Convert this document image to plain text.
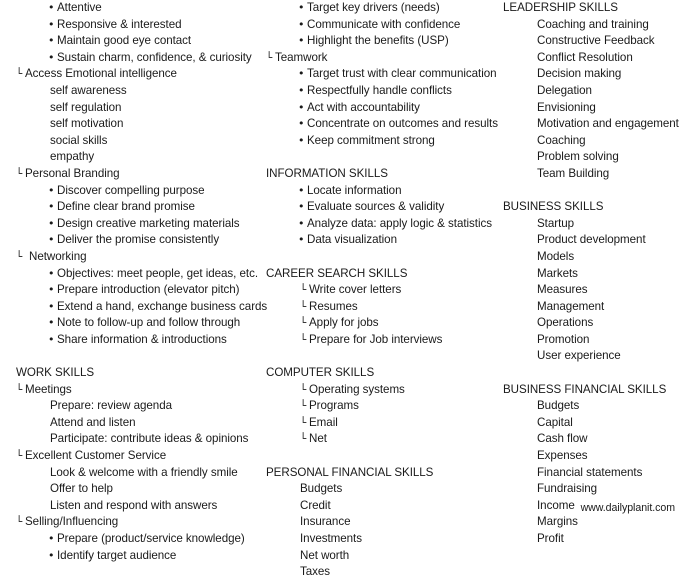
• Attentive
• Responsive & interested
• Maintain good eye contact
• Sustain charm, confidence, & curiosity
└ Access Emotional intelligence
self awareness
self regulation
self motivation
social skills
empathy
└ Personal Branding
• Discover compelling purpose
• Define clear brand promise
• Design creative marketing materials
• Deliver the promise consistently
└ Networking
• Objectives: meet people, get ideas, etc.
• Prepare introduction (elevator pitch)
• Extend a hand, exchange business cards
• Note to follow-up and follow through
• Share information & introductions
WORK SKILLS
└ Meetings
Prepare: review agenda
Attend and listen
Participate: contribute ideas & opinions
└ Excellent Customer Service
Look & welcome with a friendly smile
Offer to help
Listen and respond with answers
└ Selling/Influencing
• Prepare (product/service knowledge)
• Identify target audience
• Target key drivers (needs)
• Communicate with confidence
• Highlight the benefits (USP)
└ Teamwork
• Target trust with clear communication
• Respectfully handle conflicts
• Act with accountability
• Concentrate on outcomes and results
• Keep commitment strong
INFORMATION SKILLS
• Locate information
• Evaluate sources & validity
• Analyze data: apply logic & statistics
• Data visualization
CAREER SEARCH SKILLS
└ Write cover letters
└ Resumes
└ Apply for jobs
└ Prepare for Job interviews
COMPUTER SKILLS
└ Operating systems
└ Programs
└ Email
└ Net
PERSONAL FINANCIAL SKILLS
Budgets
Credit
Insurance
Investments
Net worth
Taxes
LEADERSHIP SKILLS
Coaching and training
Constructive Feedback
Conflict Resolution
Decision making
Delegation
Envisioning
Motivation and engagement
Coaching
Problem solving
Team Building
BUSINESS SKILLS
Startup
Product development
Models
Markets
Measures
Management
Operations
Promotion
User experience
BUSINESS FINANCIAL SKILLS
Budgets
Capital
Cash flow
Expenses
Financial statements
Fundraising
Income
Margins
Profit
www.dailyplanit.com
